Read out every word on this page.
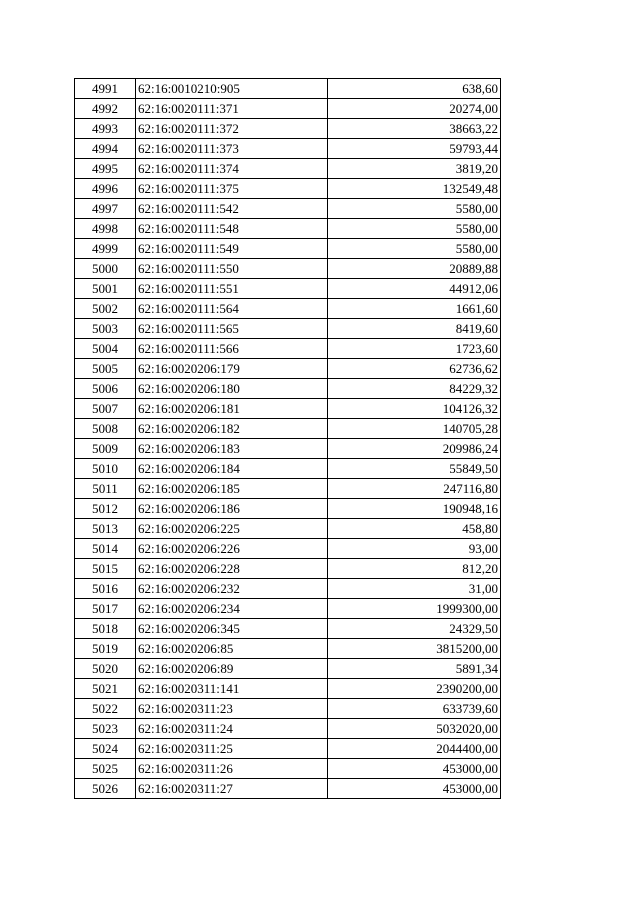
4991	62:16:0010210:905	638,60
4992	62:16:0020111:371	20274,00
4993	62:16:0020111:372	38663,22
4994	62:16:0020111:373	59793,44
4995	62:16:0020111:374	3819,20
4996	62:16:0020111:375	132549,48
4997	62:16:0020111:542	5580,00
4998	62:16:0020111:548	5580,00
4999	62:16:0020111:549	5580,00
5000	62:16:0020111:550	20889,88
5001	62:16:0020111:551	44912,06
5002	62:16:0020111:564	1661,60
5003	62:16:0020111:565	8419,60
5004	62:16:0020111:566	1723,60
5005	62:16:0020206:179	62736,62
5006	62:16:0020206:180	84229,32
5007	62:16:0020206:181	104126,32
5008	62:16:0020206:182	140705,28
5009	62:16:0020206:183	209986,24
5010	62:16:0020206:184	55849,50
5011	62:16:0020206:185	247116,80
5012	62:16:0020206:186	190948,16
5013	62:16:0020206:225	458,80
5014	62:16:0020206:226	93,00
5015	62:16:0020206:228	812,20
5016	62:16:0020206:232	31,00
5017	62:16:0020206:234	1999300,00
5018	62:16:0020206:345	24329,50
5019	62:16:0020206:85	3815200,00
5020	62:16:0020206:89	5891,34
5021	62:16:0020311:141	2390200,00
5022	62:16:0020311:23	633739,60
5023	62:16:0020311:24	5032020,00
5024	62:16:0020311:25	2044400,00
5025	62:16:0020311:26	453000,00
5026	62:16:0020311:27	453000,00
